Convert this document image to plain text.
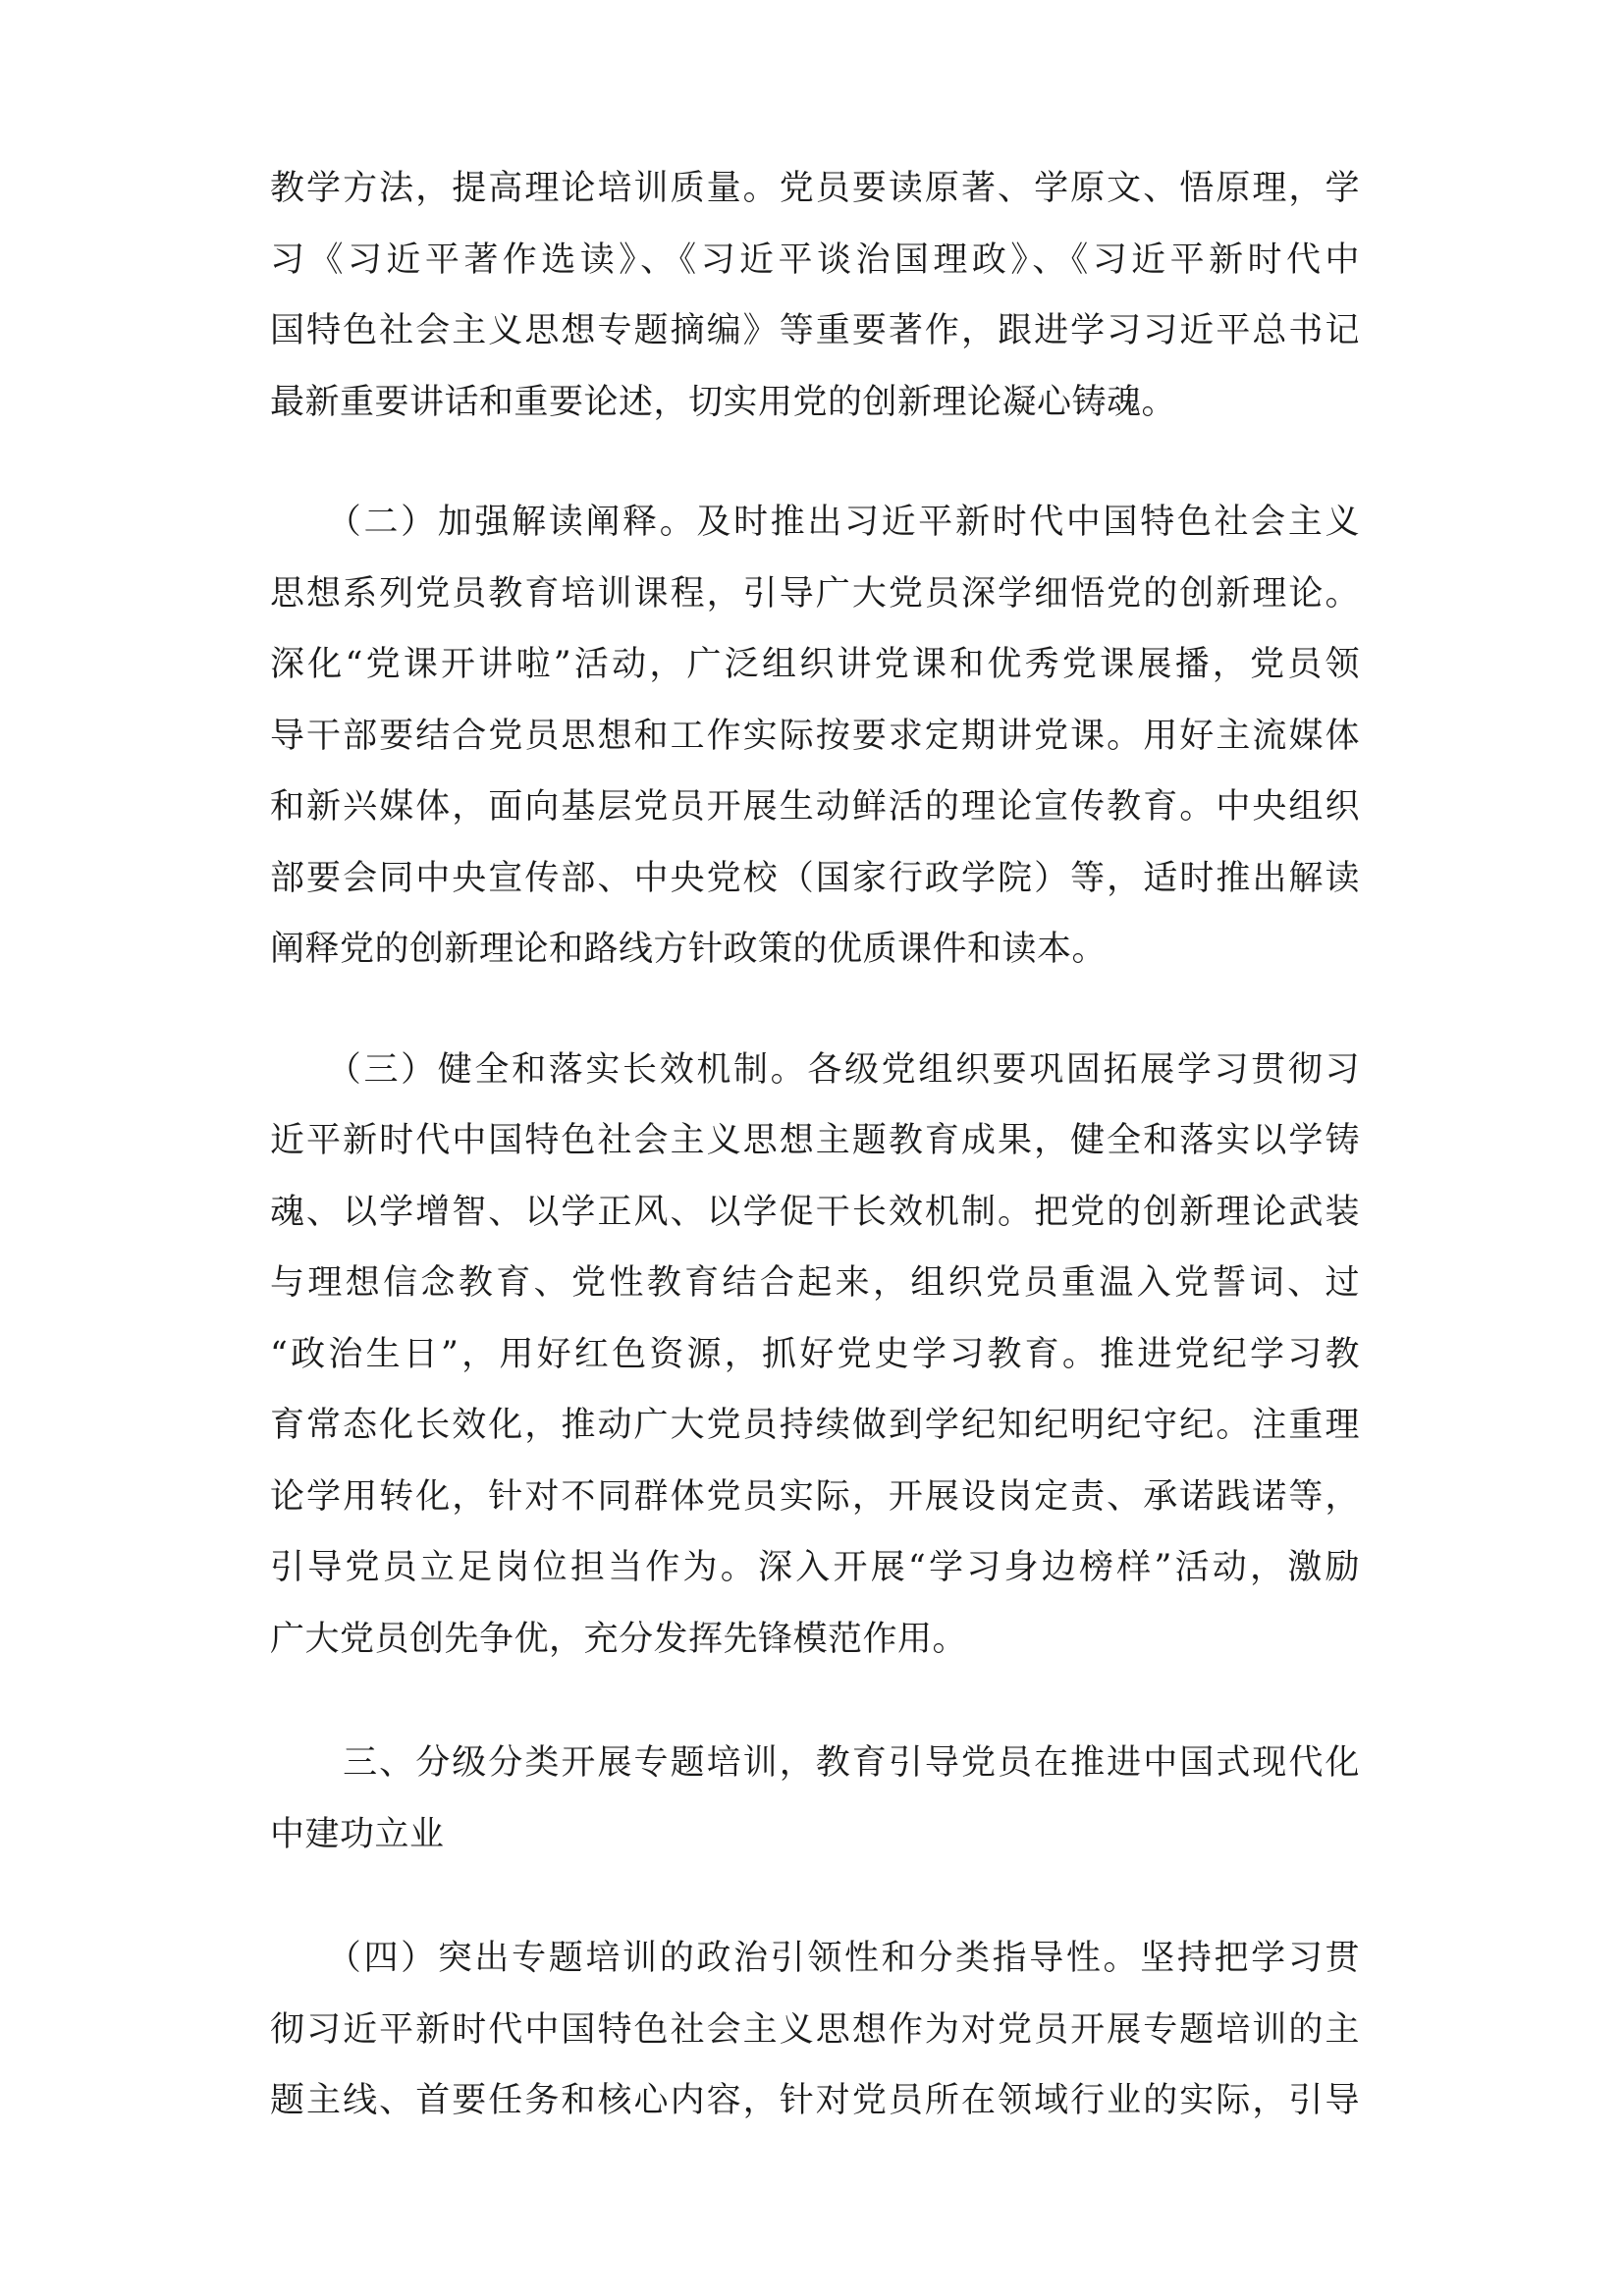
教学方法，提高理论培训质量。党员要读原著、学原文、悟原理，学
习《习近平著作选读》、《习近平谈治国理政》、《习近平新时代中
国特色社会主义思想专题摘编》等重要著作，跟进学习习近平总书记
最新重要讲话和重要论述，切实用党的创新理论凝心铸魂。
　　（二）加强解读阐释。及时推出习近平新时代中国特色社会主义
思想系列党员教育培训课程，引导广大党员深学细悟党的创新理论。
深化“党课开讲啦”活动，广泛组织讲党课和优秀党课展播，党员领
导干部要结合党员思想和工作实际按要求定期讲党课。用好主流媒体
和新兴媒体，面向基层党员开展生动鲜活的理论宣传教育。中央组织
部要会同中央宣传部、中央党校（国家行政学院）等，适时推出解读
阐释党的创新理论和路线方针政策的优质课件和读本。
　　（三）健全和落实长效机制。各级党组织要巩固拓展学习贯彻习
近平新时代中国特色社会主义思想主题教育成果，健全和落实以学铸
魂、以学增智、以学正风、以学促干长效机制。把党的创新理论武装
与理想信念教育、党性教育结合起来，组织党员重温入党誓词、过
“政治生日”，用好红色资源，抓好党史学习教育。推进党纪学习教
育常态化长效化，推动广大党员持续做到学纪知纪明纪守纪。注重理
论学用转化，针对不同群体党员实际，开展设岗定责、承诺践诺等，
引导党员立足岗位担当作为。深入开展“学习身边榜样”活动，激励
广大党员创先争优，充分发挥先锋模范作用。
　　三、分级分类开展专题培训，教育引导党员在推进中国式现代化
中建功立业
　　（四）突出专题培训的政治引领性和分类指导性。坚持把学习贯
彻习近平新时代中国特色社会主义思想作为对党员开展专题培训的主
题主线、首要任务和核心内容，针对党员所在领域行业的实际，引导
